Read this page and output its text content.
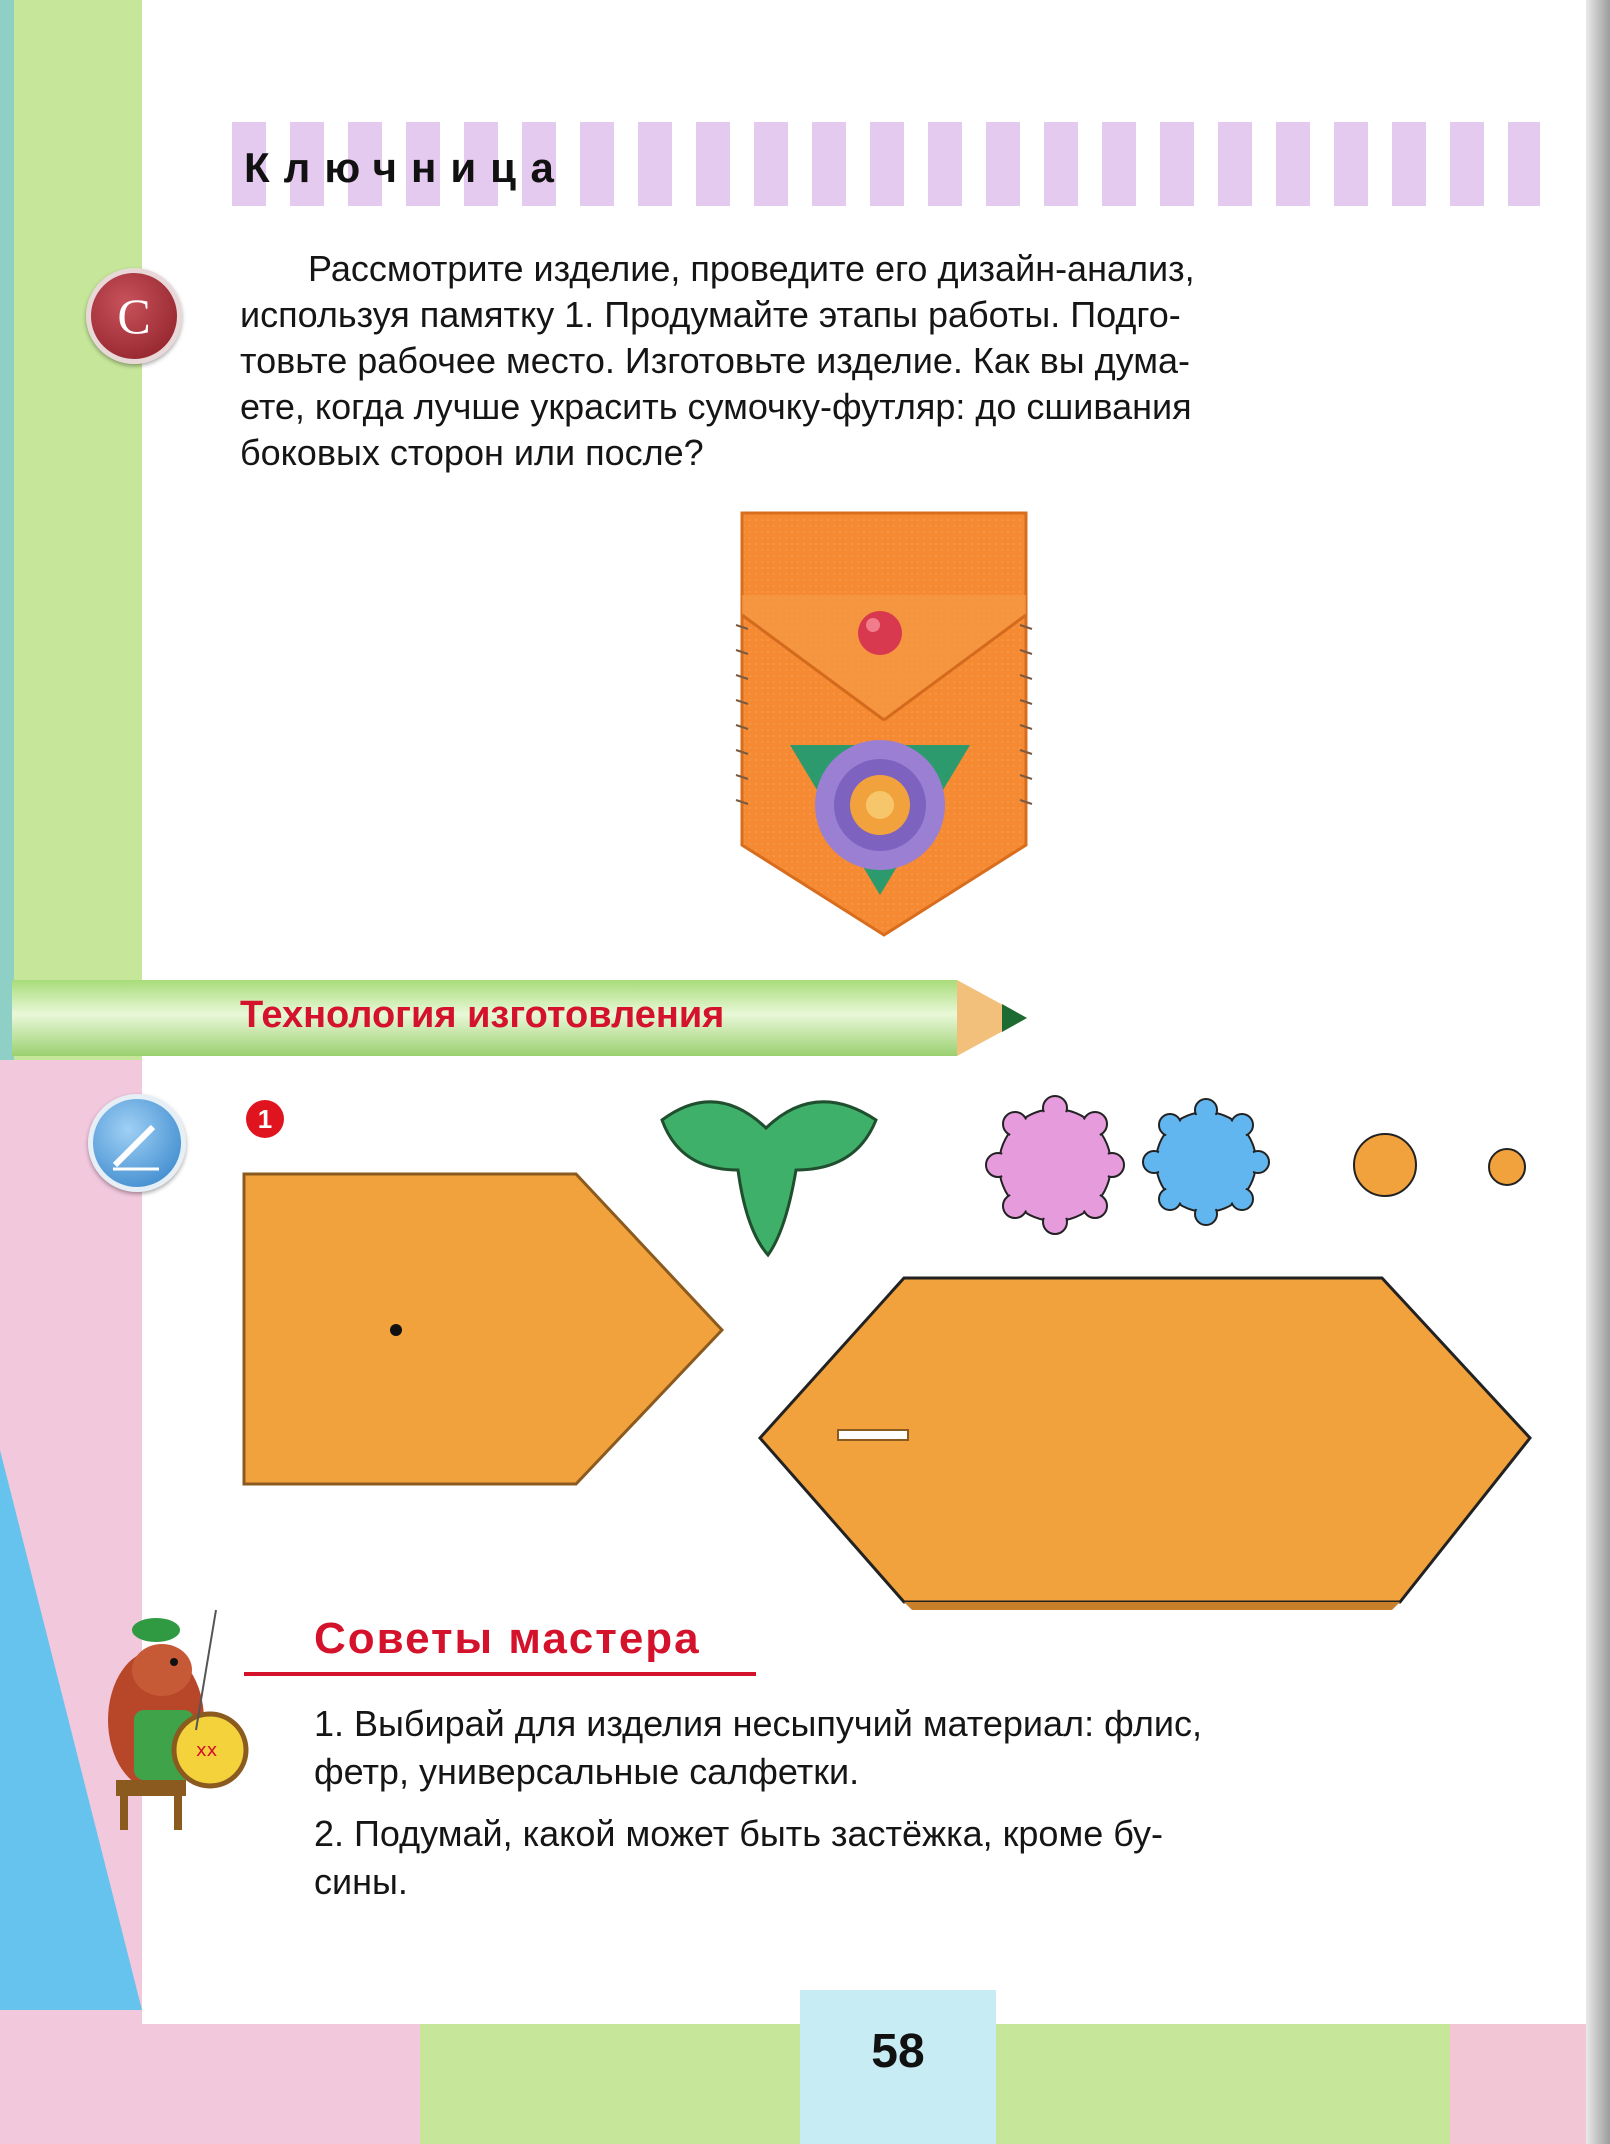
Ключница
С
Рассмотрите изделие, проведите его дизайн-анализ,
используя памятку 1. Продумайте этапы работы. Подго-
товьте рабочее место. Изготовьте изделие. Как вы дума-
ете, когда лучше украсить сумочку-футляр: до сшивания
боковых сторон или после?
Технология изготовления
1
xx
Советы мастера
1. Выбирай для изделия несыпучий материал: флис,
фетр, универсальные салфетки.
2. Подумай, какой может быть застёжка, кроме бу-
сины.
58
